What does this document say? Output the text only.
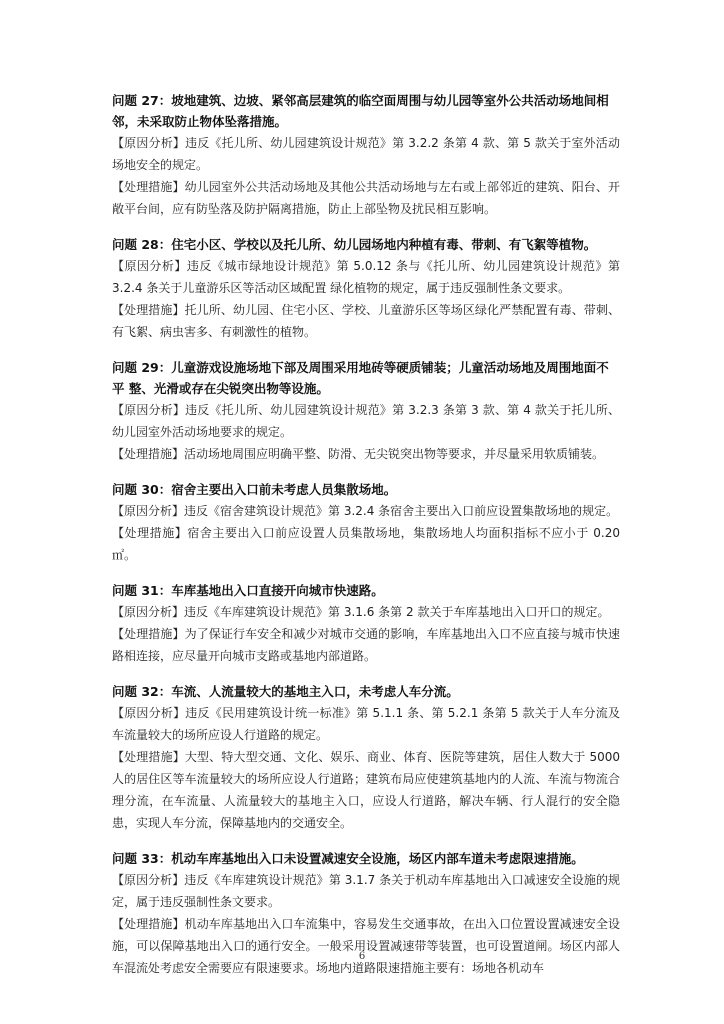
问题 27：坡地建筑、边坡、紧邻高层建筑的临空面周围与幼儿园等室外公共活动场地间相邻，未采取防止物体坠落措施。

【原因分析】违反《托儿所、幼儿园建筑设计规范》第 3.2.2 条第 4 款、第 5 款关于室外活动场地安全的规定。

【处理措施】幼儿园室外公共活动场地及其他公共活动场地与左右或上部邻近的建筑、阳台、开敞平台间，应有防坠落及防护隔离措施，防止上部坠物及扰民相互影响。

问题 28：住宅小区、学校以及托儿所、幼儿园场地内种植有毒、带刺、有飞絮等植物。

【原因分析】违反《城市绿地设计规范》第 5.0.12 条与《托儿所、幼儿园建筑设计规范》第 3.2.4 条关于儿童游乐区等活动区域配置 绿化植物的规定，属于违反强制性条文要求。

【处理措施】托儿所、幼儿园、住宅小区、学校、儿童游乐区等场区绿化严禁配置有毒、带刺、有飞絮、病虫害多、有刺激性的植物。

问题 29：儿童游戏设施场地下部及周围采用地砖等硬质铺装；儿童活动场地及周围地面不平 整、光滑或存在尖锐突出物等设施。

【原因分析】违反《托儿所、幼儿园建筑设计规范》第 3.2.3 条第 3 款、第 4 款关于托儿所、幼儿园室外活动场地要求的规定。

【处理措施】活动场地周围应明确平整、防滑、无尖锐突出物等要求，并尽量采用软质铺装。

问题 30：宿舍主要出入口前未考虑人员集散场地。

【原因分析】违反《宿舍建筑设计规范》第 3.2.4 条宿舍主要出入口前应设置集散场地的规定。

【处理措施】宿舍主要出入口前应设置人员集散场地，集散场地人均面积指标不应小于 0.20 ㎡。

问题 31：车库基地出入口直接开向城市快速路。

【原因分析】违反《车库建筑设计规范》第 3.1.6 条第 2 款关于车库基地出入口开口的规定。

【处理措施】为了保证行车安全和减少对城市交通的影响，车库基地出入口不应直接与城市快速路相连接，应尽量开向城市支路或基地内部道路。

问题 32：车流、人流量较大的基地主入口，未考虑人车分流。

【原因分析】违反《民用建筑设计统一标准》第 5.1.1 条、第 5.2.1 条第 5 款关于人车分流及车流量较大的场所应设人行道路的规定。

【处理措施】大型、特大型交通、文化、娱乐、商业、体育、医院等建筑，居住人数大于 5000 人的居住区等车流量较大的场所应设人行道路；建筑布局应使建筑基地内的人流、车流与物流合理分流，在车流量、人流量较大的基地主入口，应设人行道路，解决车辆、行人混行的安全隐患，实现人车分流，保障基地内的交通安全。

问题 33：机动车库基地出入口未设置减速安全设施，场区内部车道未考虑限速措施。

【原因分析】违反《车库建筑设计规范》第 3.1.7 条关于机动车库基地出入口减速安全设施的规定，属于违反强制性条文要求。

【处理措施】机动车库基地出入口车流集中，容易发生交通事故，在出入口位置设置减速安全设施，可以保障基地出入口的通行安全。一般采用设置减速带等装置，也可设置道闸。场区内部人车混流处考虑安全需要应有限速要求。场地内道路限速措施主要有：场地各机动车

6
